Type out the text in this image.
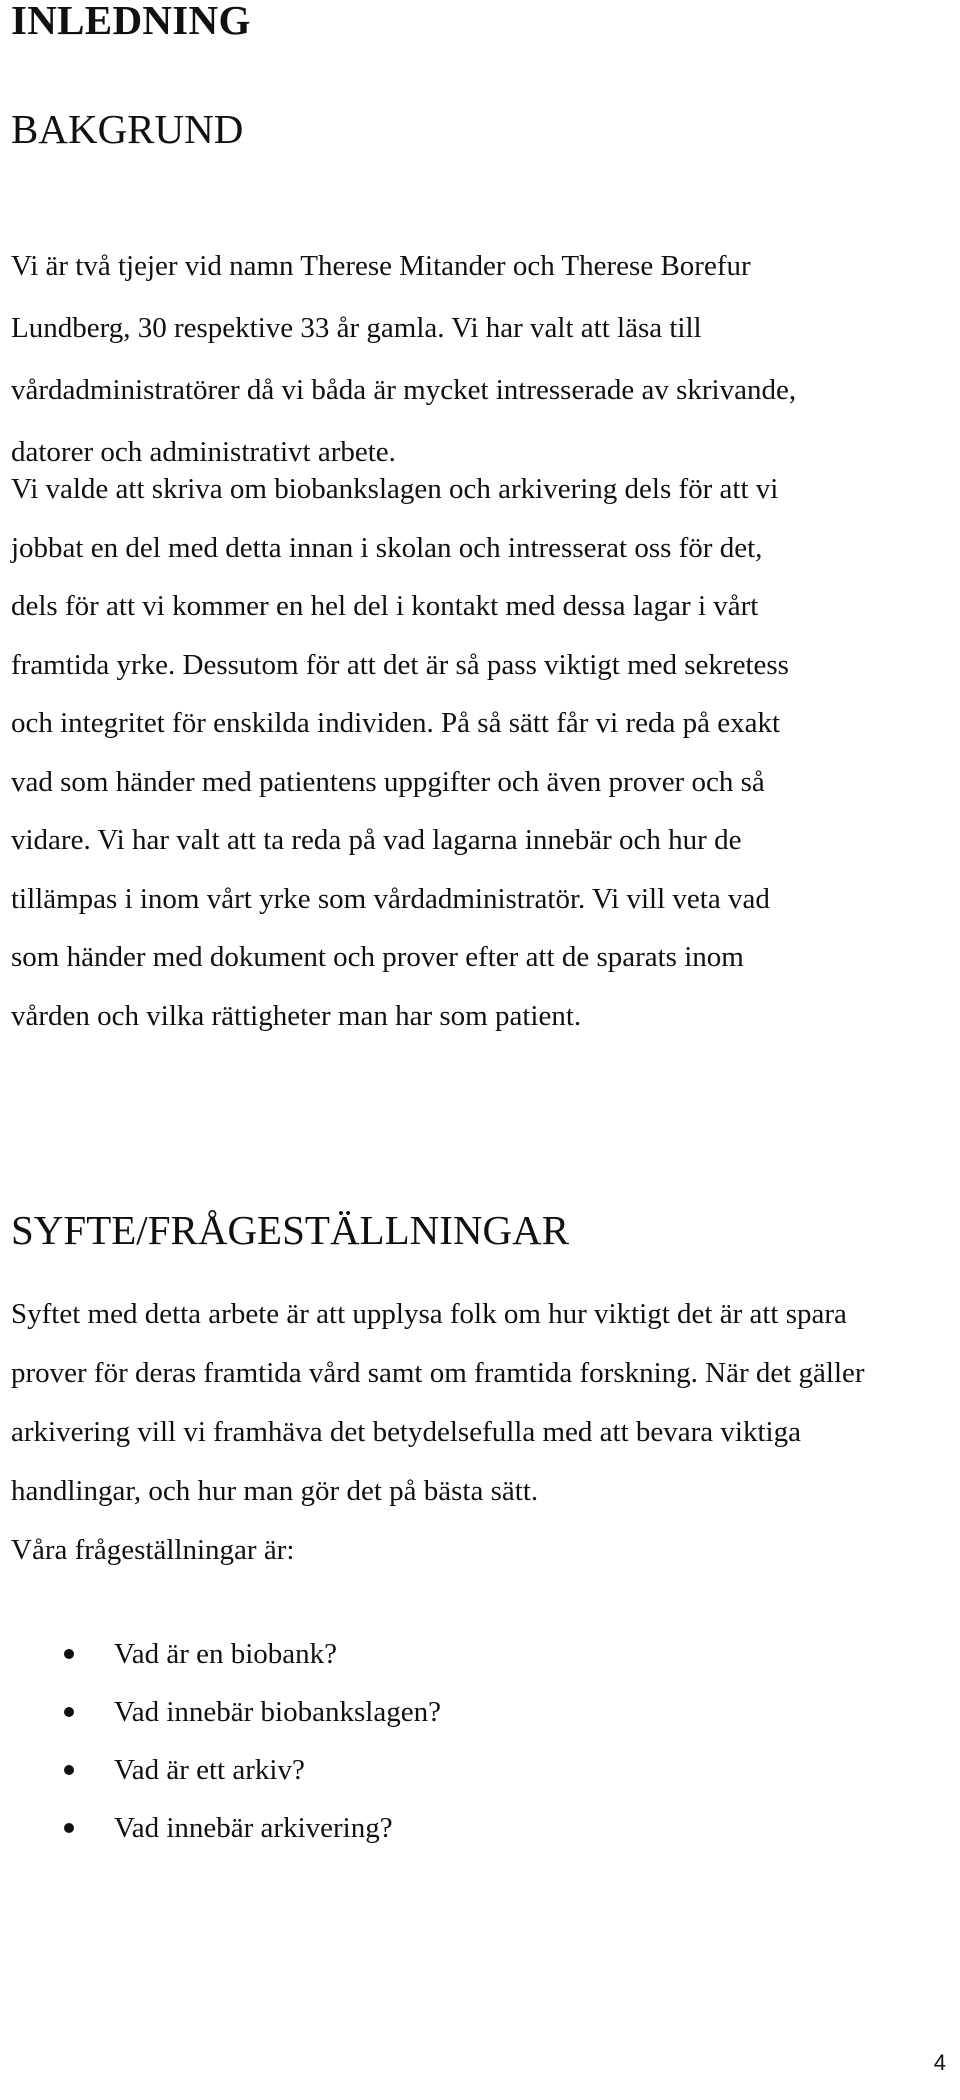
INLEDNING
BAKGRUND

Vi är två tjejer vid namn Therese Mitander och Therese Borefur
Lundberg, 30 respektive 33 år gamla. Vi har valt att läsa till
vårdadministratörer då vi båda är mycket intresserade av skrivande,
datorer och administrativt arbete.

Vi valde att skriva om biobankslagen och arkivering dels för att vi
jobbat en del med detta innan i skolan och intresserat oss för det,
dels för att vi kommer en hel del i kontakt med dessa lagar i vårt
framtida yrke. Dessutom för att det är så pass viktigt med sekretess
och integritet för enskilda individen. På så sätt får vi reda på exakt
vad som händer med patientens uppgifter och även prover och så
vidare. Vi har valt att ta reda på vad lagarna innebär och hur de
tillämpas i inom vårt yrke som vårdadministratör. Vi vill veta vad
som händer med dokument och prover efter att de sparats inom
vården och vilka rättigheter man har som patient.

SYFTE/FRÅGESTÄLLNINGAR

Syftet med detta arbete är att upplysa folk om hur viktigt det är att spara
prover för deras framtida vård samt om framtida forskning. När det gäller
arkivering vill vi framhäva det betydelsefulla med att bevara viktiga
handlingar, och hur man gör det på bästa sätt.

Våra frågeställningar är:

Vad är en biobank?
Vad innebär biobankslagen?
Vad är ett arkiv?
Vad innebär arkivering?
4
